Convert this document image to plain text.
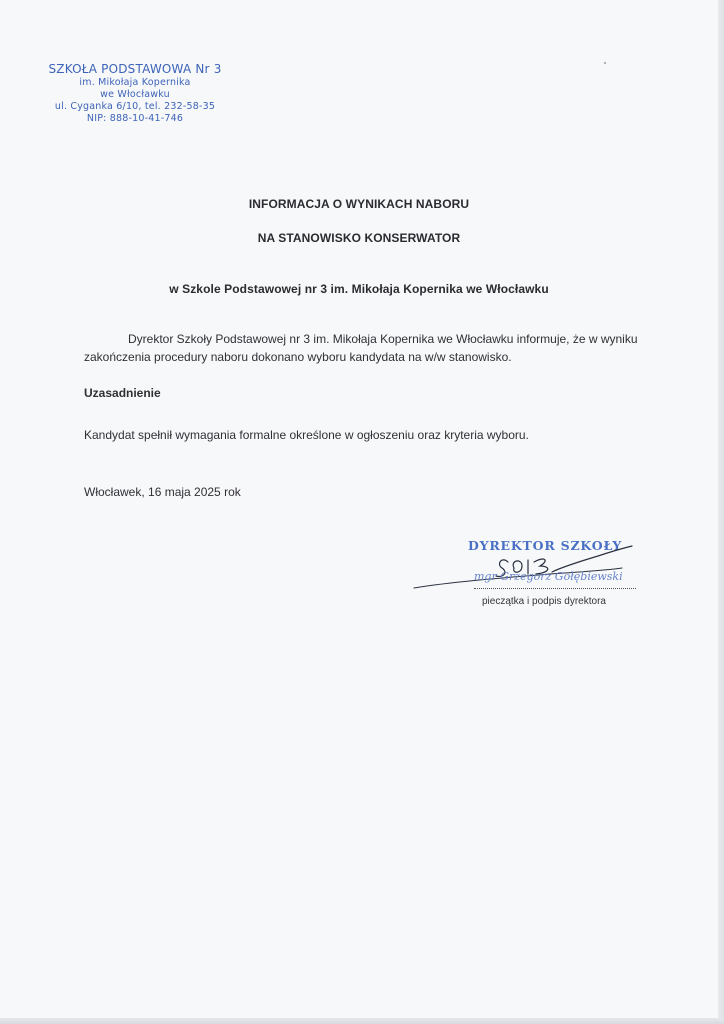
SZKOŁA PODSTAWOWA Nr 3
im. Mikołaja Kopernika
we Włocławku
ul. Cyganka 6/10, tel. 232-58-35
NIP: 888-10-41-746
INFORMACJA O WYNIKACH NABORU
NA STANOWISKO KONSERWATOR
w Szkole Podstawowej nr 3 im. Mikołaja Kopernika we Włocławku
Dyrektor Szkoły Podstawowej nr 3 im. Mikołaja Kopernika we Włocławku informuje, że w wyniku zakończenia procedury naboru dokonano wyboru kandydata na w/w stanowisko.
Uzasadnienie
Kandydat spełnił wymagania formalne określone w ogłoszeniu oraz kryteria wyboru.
Włocławek, 16 maja 2025 rok
DYREKTOR SZKOŁY
mgr Grzegorz Gołębiewski
pieczątka i podpis dyrektora
